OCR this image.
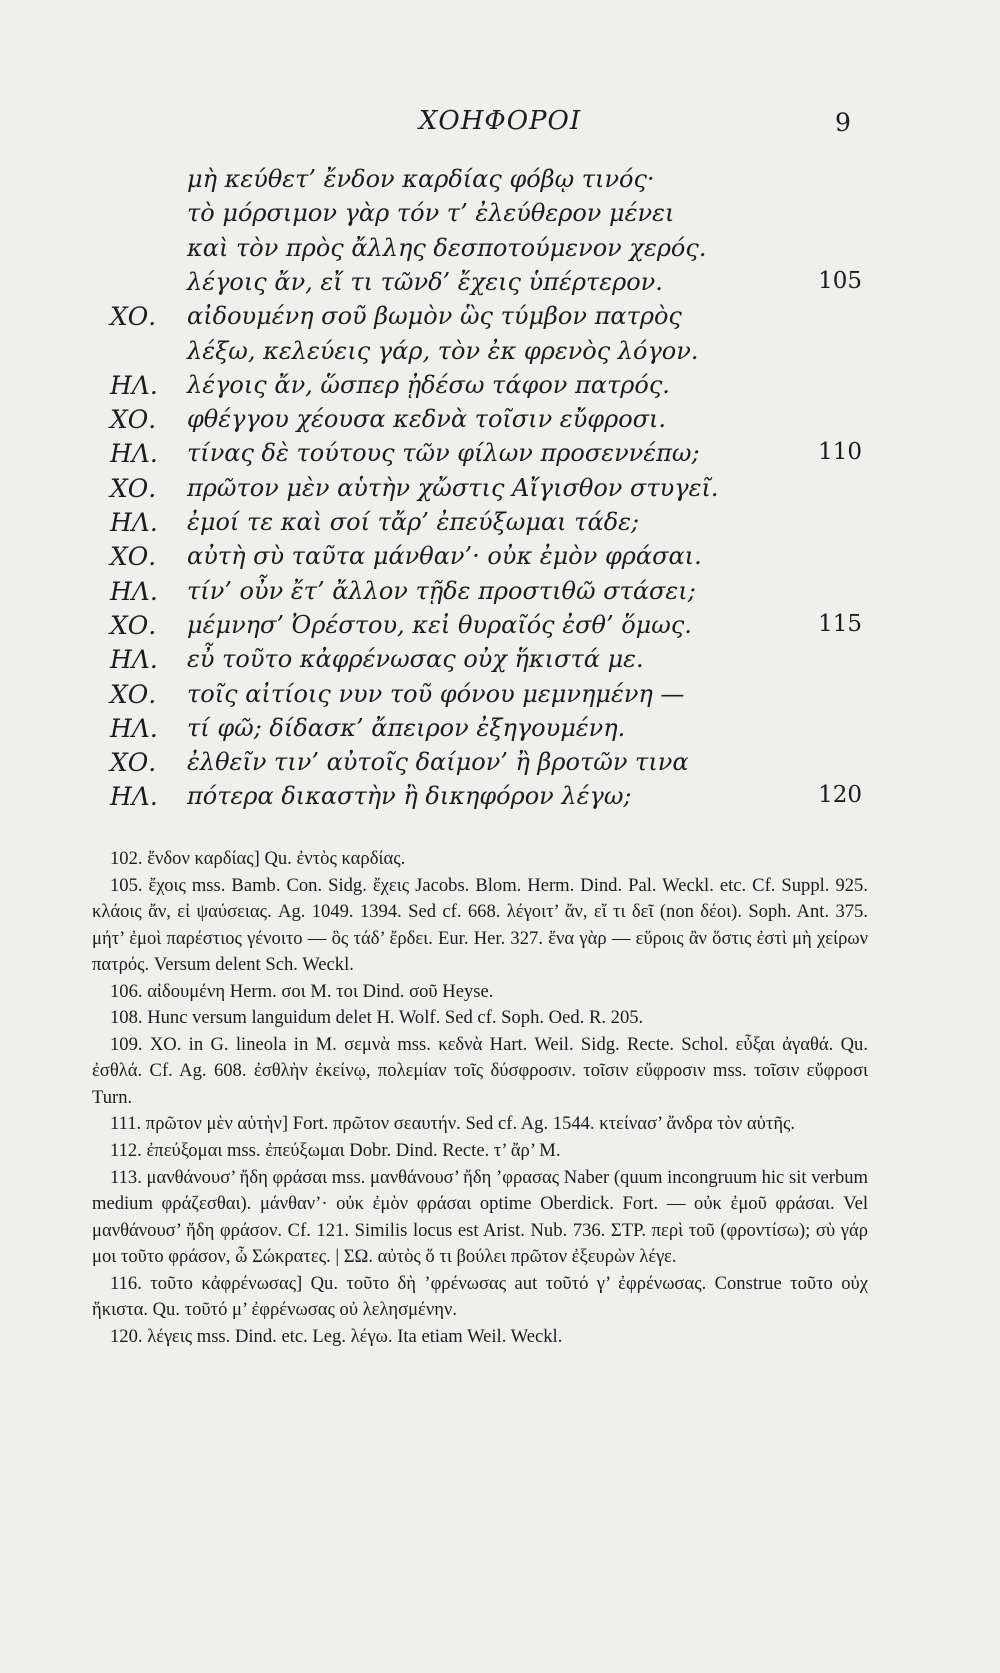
ΧΟΗΦΟΡΟΙ	9
μὴ κεύθετ’ ἔνδον καρδίας φόβῳ τινός·
τὸ μόρσιμον γὰρ τόν τ’ ἐλεύθερον μένει
καὶ τὸν πρὸς ἄλλης δεσποτούμενον χερός.
λέγοις ἄν, εἴ τι τῶνδ’ ἔχεις ὑπέρτερον.	105
ΧΟ. αἰδουμένη σοῦ βωμὸν ὣς τύμβον πατρὸς
λέξω, κελεύεις γάρ, τὸν ἐκ φρενὸς λόγον.
ΗΛ. λέγοις ἄν, ὥσπερ ᾐδέσω τάφον πατρός.
ΧΟ. φθέγγου χέουσα κεδνὰ τοῖσιν εὔφροσι.
ΗΛ. τίνας δὲ τούτους τῶν φίλων προσεννέπω;	110
ΧΟ. πρῶτον μὲν αὑτὴν χὤστις Αἴγισθον στυγεῖ.
ΗΛ. ἐμοί τε καὶ σοί τἄρ’ ἐπεύξωμαι τάδε;
ΧΟ. αὐτὴ σὺ ταῦτα μάνθαν’· οὐκ ἐμὸν φράσαι.
ΗΛ. τίν’ οὖν ἔτ’ ἄλλον τῇδε προστιθῶ στάσει;
ΧΟ. μέμνησ’ Ὀρέστου, κεἰ θυραῖός ἐσθ’ ὅμως.	115
ΗΛ. εὖ τοῦτο κἀφρένωσας οὐχ ἥκιστά με.
ΧΟ. τοῖς αἰτίοις νυν τοῦ φόνου μεμνημένη —
ΗΛ. τί φῶ; δίδασκ’ ἄπειρον ἐξηγουμένη.
ΧΟ. ἐλθεῖν τιν’ αὐτοῖς δαίμον’ ἢ βροτῶν τινα
ΗΛ. πότερα δικαστὴν ἢ δικηφόρον λέγω;	120

102. ἔνδον καρδίας] Qu. ἐντὸς καρδίας.

105. ἔχοις mss. Bamb. Con. Sidg. ἔχεις Jacobs. Blom. Herm. Dind. Pal. Weckl. etc. Cf. Suppl. 925. κλάοις ἄν, εἰ ψαύσειας. Ag. 1049. 1394. Sed cf. 668. λέγοιτ’ ἄν, εἴ τι δεῖ (non δέοι). Soph. Ant. 375. μήτ’ ἐμοὶ παρέστιος γένοιτο — ὃς τάδ’ ἔρδει. Eur. Her. 327. ἕνα γὰρ — εὕροις ἂν ὅστις ἐστὶ μὴ χείρων πατρός. Versum delent Sch. Weckl.

106. αἰδουμένη Herm. σοι M. τοι Dind. σοῦ Heyse.

108. Hunc versum languidum delet H. Wolf. Sed cf. Soph. Oed. R. 205.

109. ΧΟ. in G. lineola in M. σεμνὰ mss. κεδνὰ Hart. Weil. Sidg. Recte. Schol. εὖξαι ἀγαθά. Qu. ἐσθλά. Cf. Ag. 608. ἐσθλὴν ἐκείνῳ, πολεμίαν τοῖς δύσφροσιν. τοῖσιν εὔφροσιν mss. τοῖσιν εὔφροσι Turn.

111. πρῶτον μὲν αὑτὴν] Fort. πρῶτον σεαυτήν. Sed cf. Ag. 1544. κτείνασ’ ἄνδρα τὸν αὑτῆς.

112. ἐπεύξομαι mss. ἐπεύξωμαι Dobr. Dind. Recte. τ’ ἄρ’ M.

113. μανθάνουσ’ ἤδη φράσαι mss. μανθάνουσ’ ἤδη ’φρασας Naber (quum incongruum hic sit verbum medium φράζεσθαι). μάνθαν’· οὐκ ἐμὸν φράσαι optime Oberdick. Fort. — οὐκ ἐμοῦ φράσαι. Vel μανθάνουσ’ ἤδη φράσον. Cf. 121. Similis locus est Arist. Nub. 736. ΣΤΡ. περὶ τοῦ (φροντίσω); σὺ γάρ μοι τοῦτο φράσον, ὦ Σώκρατες. | ΣΩ. αὐτὸς ὅ τι βούλει πρῶτον ἐξευρὼν λέγε.

116. τοῦτο κἀφρένωσας] Qu. τοῦτο δὴ ’φρένωσας aut τοῦτό γ’ ἐφρένωσας. Construe τοῦτο οὐχ ἥκιστα. Qu. τοῦτό μ’ ἐφρένωσας οὐ λελησμένην.

120. λέγεις mss. Dind. etc. Leg. λέγω. Ita etiam Weil. Weckl.
